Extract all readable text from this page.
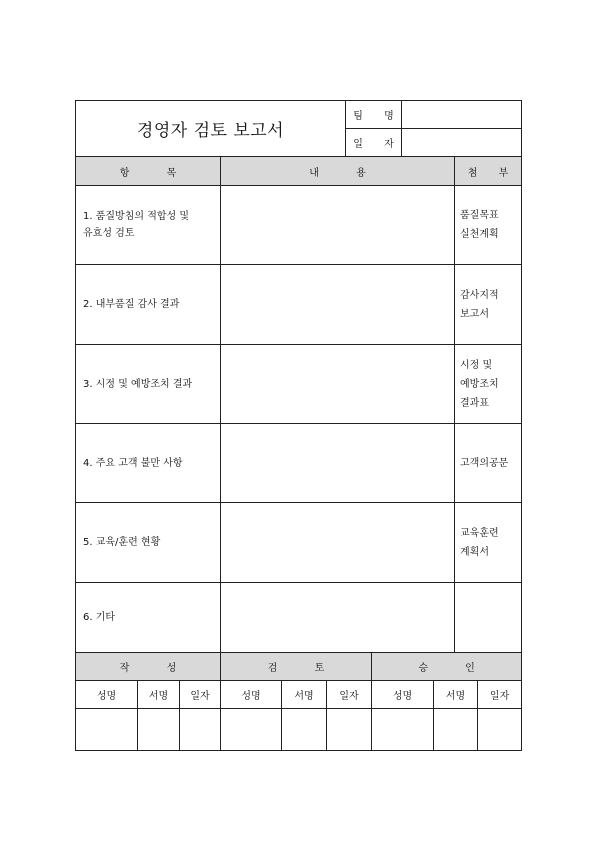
경영자 검토 보고서	팀 명	
	일 자	
항 목	내 용	첨 부
1. 품질방침의 적합성 및
유효성 검토		품질목표
실천계획
2. 내부품질 감사 결과		감사지적
보고서
3. 시정 및 예방조치 결과		시정 및
예방조치
결과표
4. 주요 고객 불만 사항		고객의공문
5. 교육/훈련 현황		교육훈련
계획서
6. 기타		
작 성			검 토			승 인		
성명	서명	일자	성명	서명	일자	성명	서명	일자
